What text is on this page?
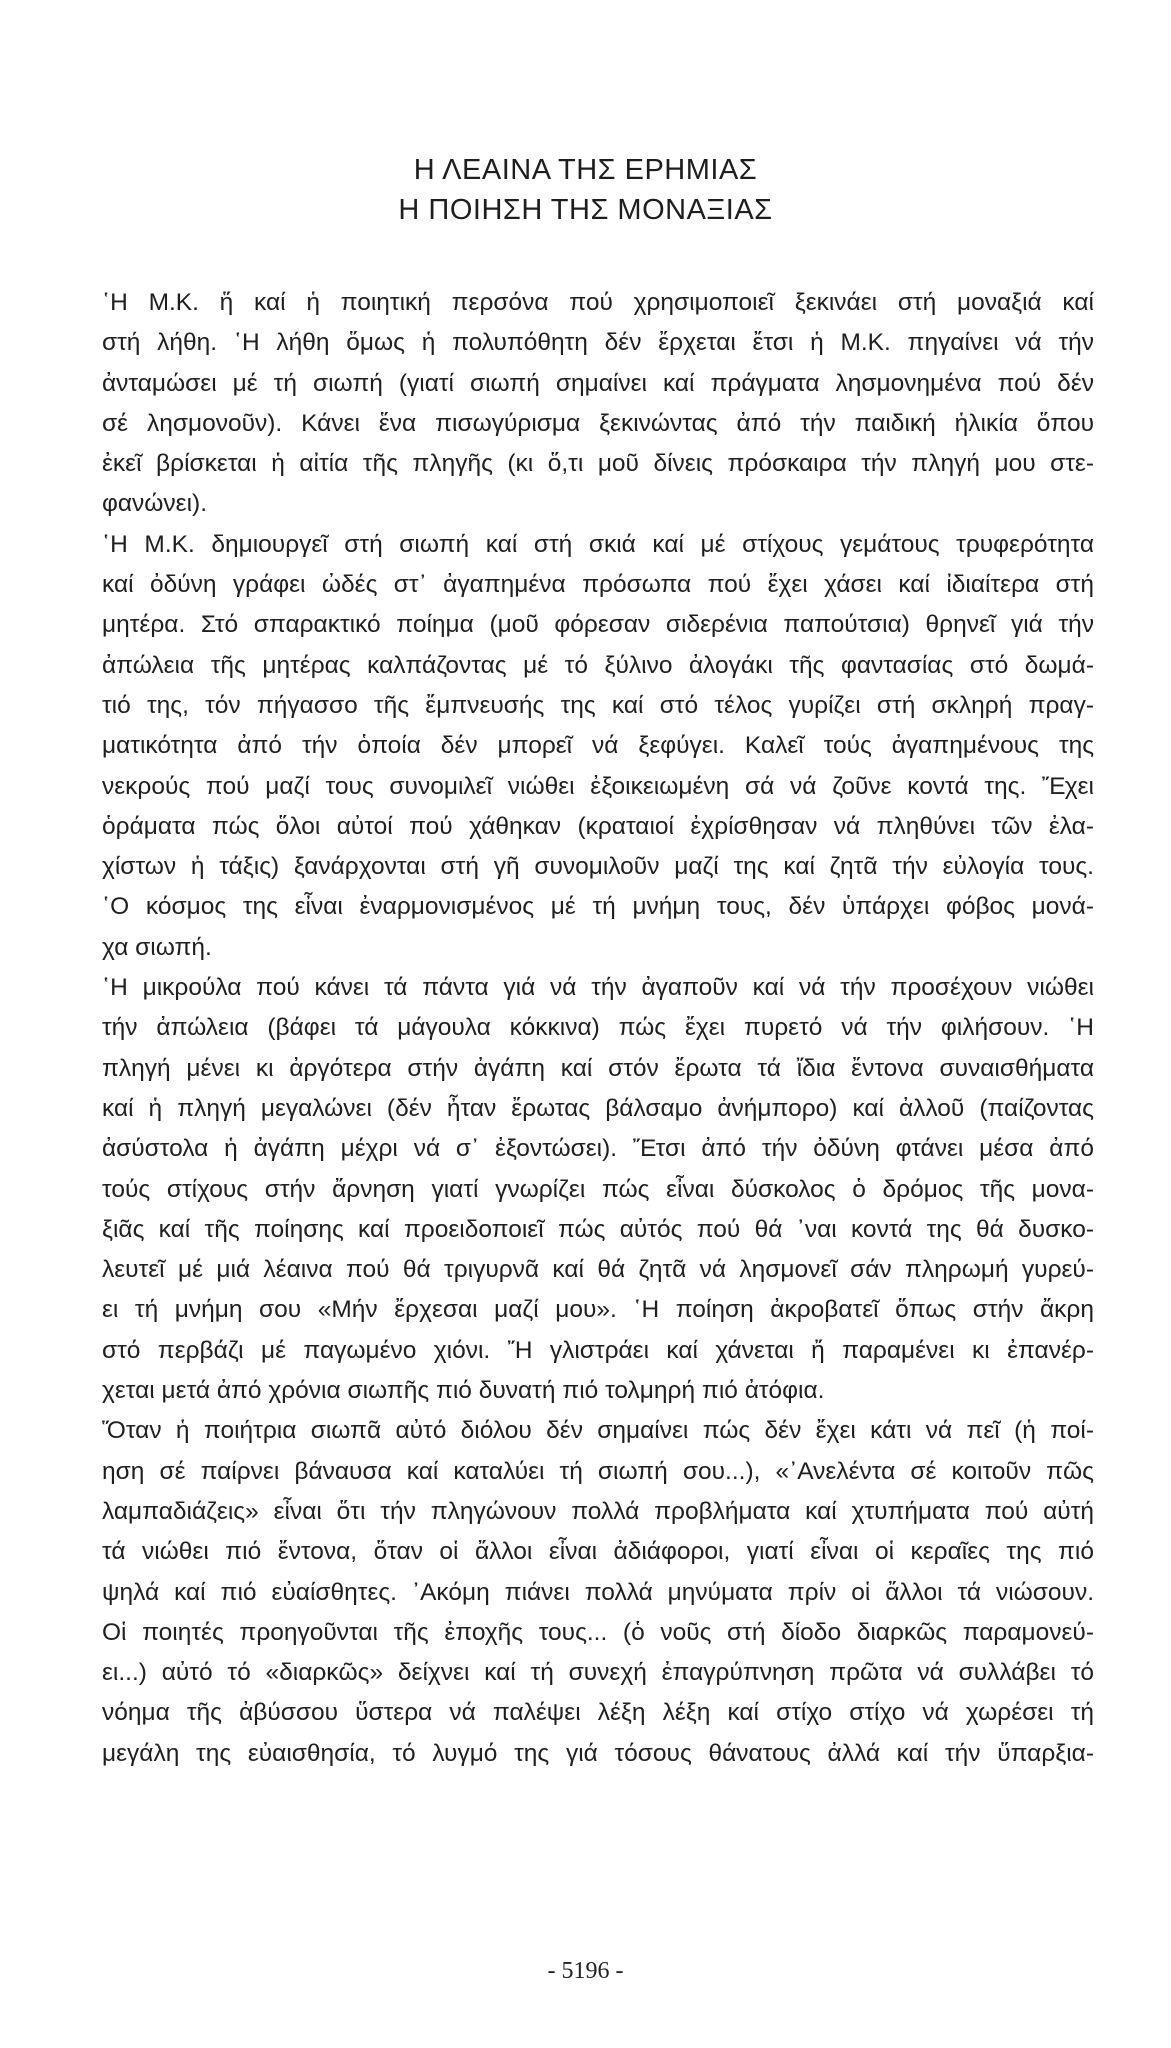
Η ΛΕΑΙΝΑ ΤΗΣ ΕΡΗΜΙΑΣ
Η ΠΟΙΗΣΗ ΤΗΣ ΜΟΝΑΞΙΑΣ
῾Η Μ.Κ. ἥ καί ἡ ποιητική περσόνα πού χρησιμοποιεῖ ξεκινάει στή μοναξιά καί
στή λήθη. ῾Η λήθη ὅμως ἡ πολυπόθητη δέν ἔρχεται ἔτσι ἡ Μ.Κ. πηγαίνει νά τήν
ἀνταμώσει μέ τή σιωπή (γιατί σιωπή σημαίνει καί πράγματα λησμονημένα πού δέν
σέ λησμονοῦν). Κάνει ἕνα πισωγύρισμα ξεκινώντας ἀπό τήν παιδική ἡλικία ὅπου
ἐκεῖ βρίσκεται ἡ αἰτία τῆς πληγῆς (κι ὅ,τι μοῦ δίνεις πρόσκαιρα τήν πληγή μου στε-
φανώνει).
῾Η Μ.Κ. δημιουργεῖ στή σιωπή καί στή σκιά καί μέ στίχους γεμάτους τρυφερότητα
καί ὀδύνη γράφει ὠδές στ᾿ ἀγαπημένα πρόσωπα πού ἔχει χάσει καί ἰδιαίτερα στή
μητέρα. Στό σπαρακτικό ποίημα (μοῦ φόρεσαν σιδερένια παπούτσια) θρηνεῖ γιά τήν
ἀπώλεια τῆς μητέρας καλπάζοντας μέ τό ξύλινο ἀλογάκι τῆς φαντασίας στό δωμά-
τιό της, τόν πήγασσο τῆς ἔμπνευσής της καί στό τέλος γυρίζει στή σκληρή πραγ-
ματικότητα ἀπό τήν ὁποία δέν μπορεῖ νά ξεφύγει. Καλεῖ τούς ἀγαπημένους της
νεκρούς πού μαζί τους συνομιλεῖ νιώθει ἐξοικειωμένη σά νά ζοῦνε κοντά της. Ἔχει
ὁράματα πώς ὅλοι αὐτοί πού χάθηκαν (κραταιοί ἐχρίσθησαν νά πληθύνει τῶν ἐλα-
χίστων ἡ τάξις) ξανάρχονται στή γῆ συνομιλοῦν μαζί της καί ζητᾶ τήν εὐλογία τους.
῾Ο κόσμος της εἶναι ἐναρμονισμένος μέ τή μνήμη τους, δέν ὑπάρχει φόβος μονά-
χα σιωπή.
῾Η μικρούλα πού κάνει τά πάντα γιά νά τήν ἀγαποῦν καί νά τήν προσέχουν νιώθει
τήν ἀπώλεια (βάφει τά μάγουλα κόκκινα) πώς ἔχει πυρετό νά τήν φιλήσουν. ῾Η
πληγή μένει κι ἀργότερα στήν ἀγάπη καί στόν ἔρωτα τά ἴδια ἔντονα συναισθήματα
καί ἡ πληγή μεγαλώνει (δέν ἦταν ἔρωτας βάλσαμο ἀνήμπορο) καί ἀλλοῦ (παίζοντας
ἀσύστολα ἡ ἀγάπη μέχρι νά σ᾿ ἐξοντώσει). Ἔτσι ἀπό τήν ὀδύνη φτάνει μέσα ἀπό
τούς στίχους στήν ἄρνηση γιατί γνωρίζει πώς εἶναι δύσκολος ὁ δρόμος τῆς μονα-
ξιᾶς καί τῆς ποίησης καί προειδοποιεῖ πώς αὐτός πού θά ᾿ναι κοντά της θά δυσκο-
λευτεῖ μέ μιά λέαινα πού θά τριγυρνᾶ καί θά ζητᾶ νά λησμονεῖ σάν πληρωμή γυρεύ-
ει τή μνήμη σου «Μήν ἔρχεσαι μαζί μου». ῾Η ποίηση ἀκροβατεῖ ὅπως στήν ἄκρη
στό περβάζι μέ παγωμένο χιόνι. Ἤ γλιστράει καί χάνεται ἤ παραμένει κι ἐπανέρ-
χεται μετά ἀπό χρόνια σιωπῆς πιό δυνατή πιό τολμηρή πιό ἀτόφια.
Ὅταν ἡ ποιήτρια σιωπᾶ αὐτό διόλου δέν σημαίνει πώς δέν ἔχει κάτι νά πεῖ (ἡ ποί-
ηση σέ παίρνει βάναυσα καί καταλύει τή σιωπή σου...), «᾿Ανελέντα σέ κοιτοῦν πῶς
λαμπαδιάζεις» εἶναι ὅτι τήν πληγώνουν πολλά προβλήματα καί χτυπήματα πού αὐτή
τά νιώθει πιό ἔντονα, ὅταν οἱ ἄλλοι εἶναι ἀδιάφοροι, γιατί εἶναι οἱ κεραῖες της πιό
ψηλά καί πιό εὐαίσθητες. ᾿Ακόμη πιάνει πολλά μηνύματα πρίν οἱ ἄλλοι τά νιώσουν.
Οἱ ποιητές προηγοῦνται τῆς ἐποχῆς τους... (ὁ νοῦς στή δίοδο διαρκῶς παραμονεύ-
ει...) αὐτό τό «διαρκῶς» δείχνει καί τή συνεχή ἐπαγρύπνηση πρῶτα νά συλλάβει τό
νόημα τῆς ἀβύσσου ὕστερα νά παλέψει λέξη λέξη καί στίχο στίχο νά χωρέσει τή
μεγάλη της εὐαισθησία, τό λυγμό της γιά τόσους θάνατους ἀλλά καί τήν ὕπαρξια-
- 5196 -
